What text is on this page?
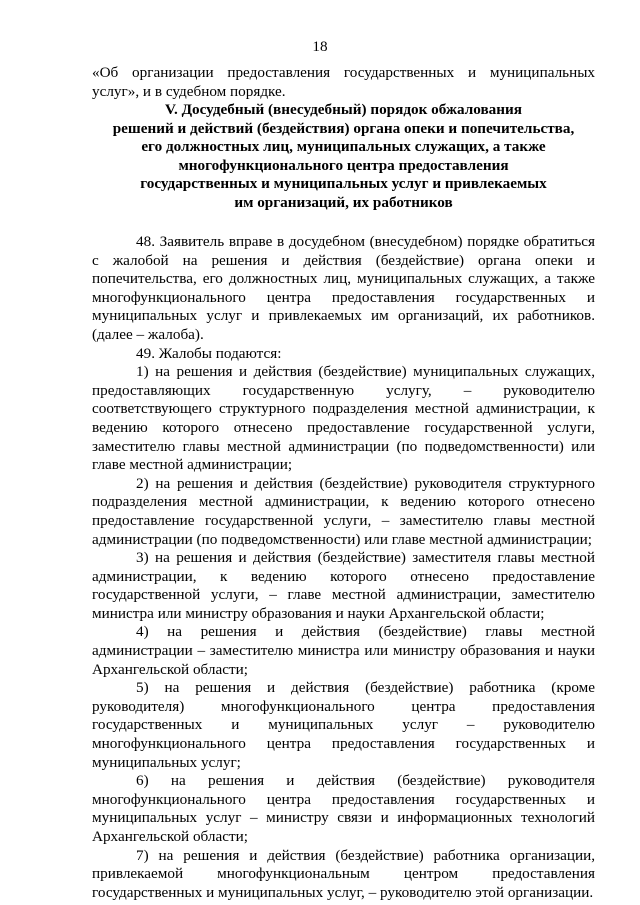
18

«Об организации предоставления государственных и муниципальных услуг», и в судебном порядке.

V. Досудебный (внесудебный) порядок обжалования
решений и действий (бездействия) органа опеки и попечительства,
его должностных лиц, муниципальных служащих, а также
многофункционального центра предоставления
государственных и муниципальных услуг и привлекаемых
им организаций, их работников

48. Заявитель вправе в досудебном (внесудебном) порядке обратиться с жалобой на решения и действия (бездействие) органа опеки и попечительства, его должностных лиц, муниципальных служащих, а также многофункционального центра предоставления государственных и муниципальных услуг и привлекаемых им организаций, их работников. (далее – жалоба).

49. Жалобы подаются:

1) на решения и действия (бездействие) муниципальных служащих, предоставляющих государственную услугу, – руководителю соответствующего структурного подразделения местной администрации, к ведению которого отнесено предоставление государственной услуги, заместителю главы местной администрации (по подведомственности) или главе местной администрации;

2) на решения и действия (бездействие) руководителя структурного подразделения местной администрации, к ведению которого отнесено предоставление государственной услуги, – заместителю главы местной администрации (по подведомственности) или главе местной администрации;

3) на решения и действия (бездействие) заместителя главы местной администрации, к ведению которого отнесено предоставление государственной услуги, – главе местной администрации, заместителю министра или министру образования и науки Архангельской области;

4) на решения и действия (бездействие) главы местной администрации – заместителю министра или министру образования и науки Архангельской области;

5) на решения и действия (бездействие) работника (кроме руководителя) многофункционального центра предоставления государственных и муниципальных услуг – руководителю многофункционального центра предоставления государственных и муниципальных услуг;

6) на решения и действия (бездействие) руководителя многофункционального центра предоставления государственных и муниципальных услуг – министру связи и информационных технологий Архангельской области;

7) на решения и действия (бездействие) работника организации, привлекаемой многофункциональным центром предоставления государственных и муниципальных услуг, – руководителю этой организации.
